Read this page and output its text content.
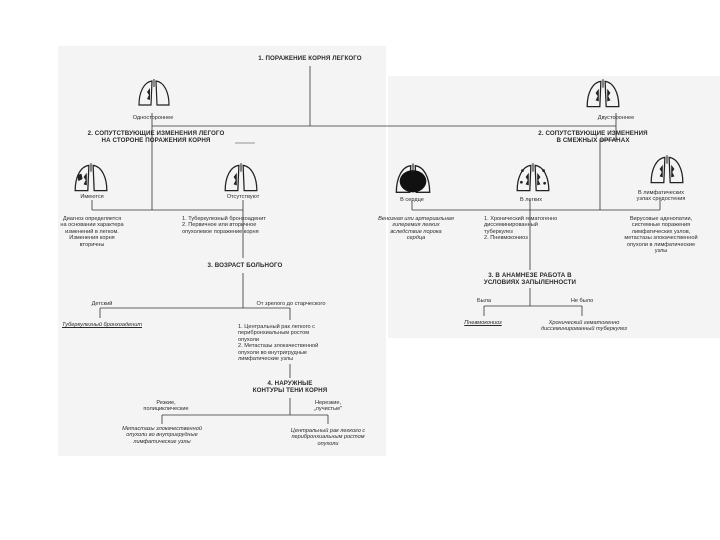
1. ПОРАЖЕНИЕ КОРНЯ ЛЕГКОГО
Одностороннее	Двустороннее
2. СОПУТСТВУЮЩИЕ ИЗМЕНЕНИЯ ЛЕГОГО
НА СТОРОНЕ ПОРАЖЕНИЯ КОРНЯ
Имеются	Отсутствуют
Диагноз определяется
на основании характера
изменений в легком.
Изменения корня
вторичны
1. Туберкулезный бронхоаденит
2. Первичное или вторичное
опухолевое поражение корня
3. ВОЗРАСТ БОЛЬНОГО
Детский	От зрелого до старческого
Туберкулезный бронхоаденит	1. Центральный рак легкого с
перибронхиальным ростом
опухоли
2. Метастазы злокачественной
опухоли во внутригрудные
лимфатические узлы
4. НАРУЖНЫЕ
КОНТУРЫ ТЕНИ КОРНЯ
Резкие,
полициклические
Нерезкие,
„лучистые"
Метастазы злокачественной
опухоли во внутригрудные
лимфатические узлы
Центральный рак легкого с
перибронхиальным ростом
опухоли
2. СОПУТСТВУЮЩИЕ ИЗМЕНЕНИЯ
В СМЕЖНЫХ ОРГАНАХ
В сердце	В легких
В лимфатических
узлах средостения
Венозная или артериальная
гиперемия легких
вследствие порока
сердца
1. Хронический гематогенно
диссеминированный
туберкулез
2. Пневмокониоз
Вирусовые аденопатии,
системные поражения
лимфатических узлов,
метастазы злокачественной
опухоли в лимфатические
узлы
3. В АНАМНЕЗЕ РАБОТА В
УСЛОВИЯХ ЗАПЫЛЕННОСТИ
Была	Не было
Пневмокониоз	Хронический гематогенно
диссеминированный туберкулез
